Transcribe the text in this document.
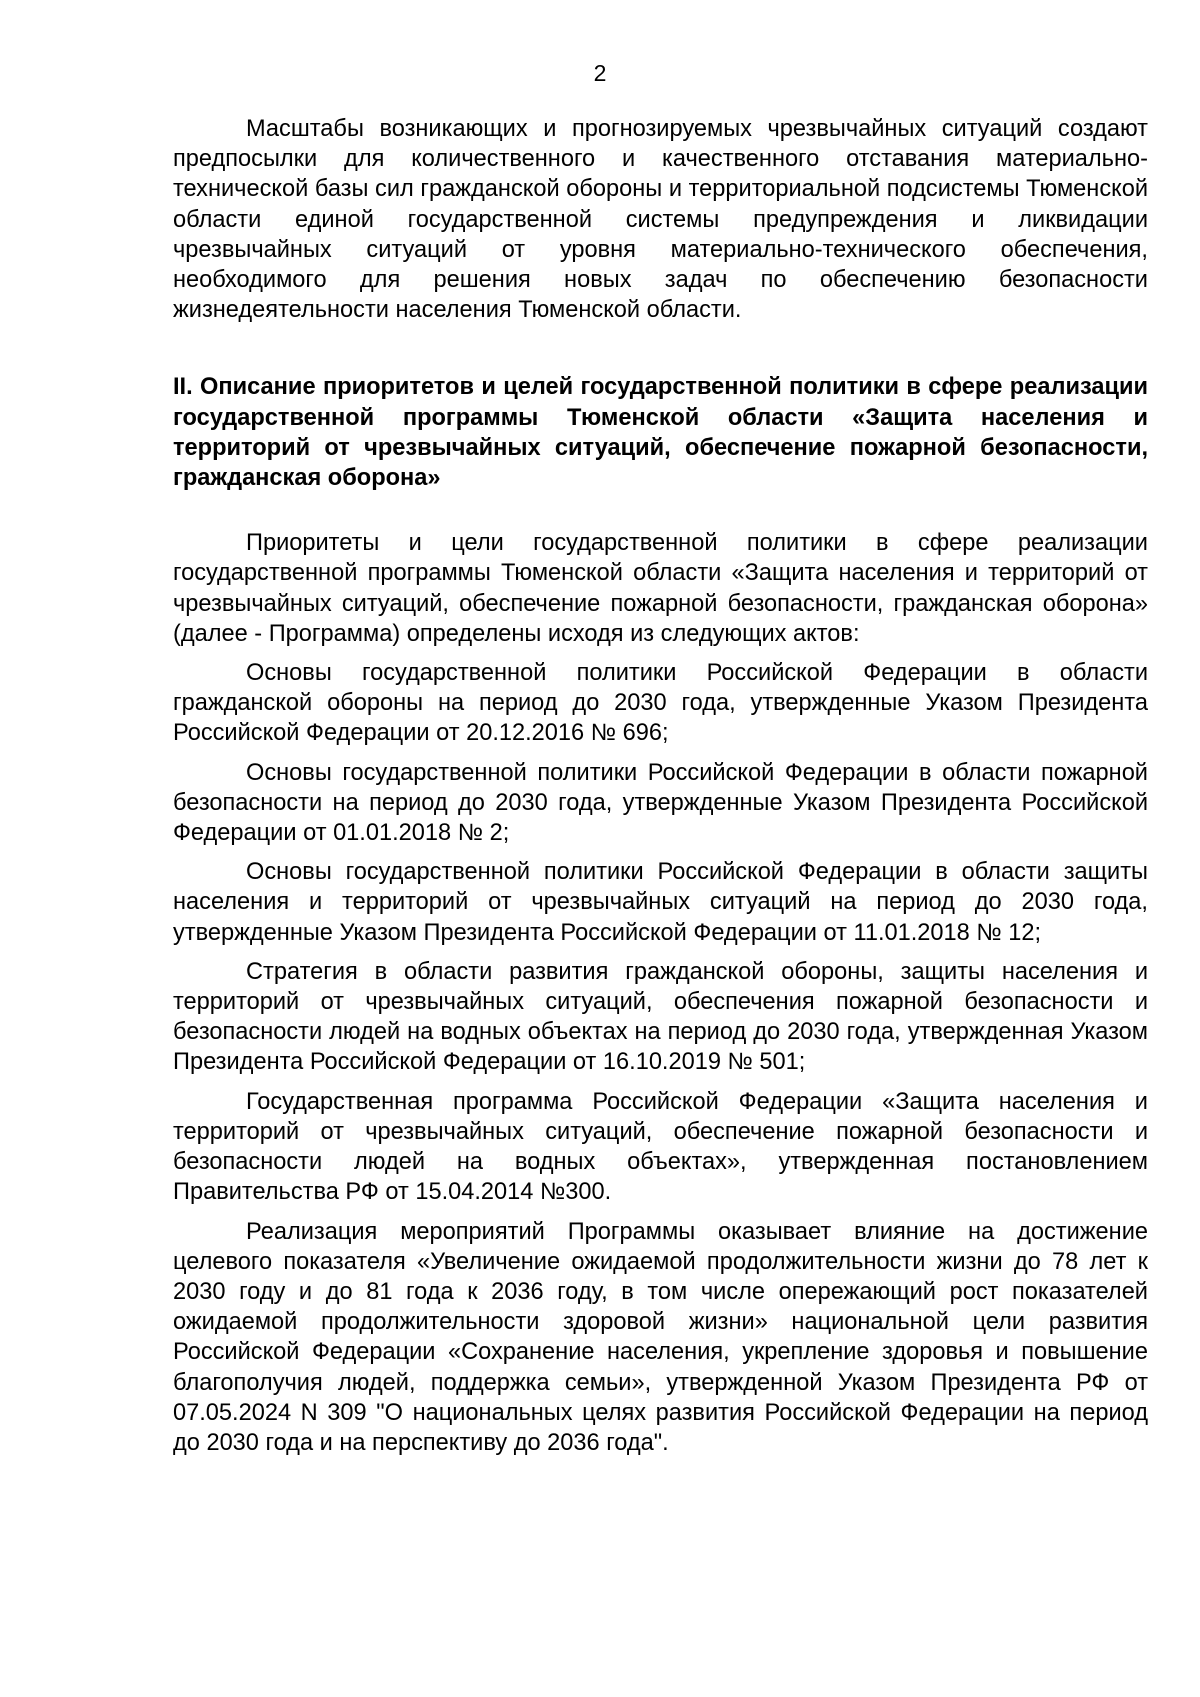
2

Масштабы возникающих и прогнозируемых чрезвычайных ситуаций создают предпосылки для количественного и качественного отставания материально-технической базы сил гражданской обороны и территориальной подсистемы Тюменской области единой государственной системы предупреждения и ликвидации чрезвычайных ситуаций от уровня материально-технического обеспечения, необходимого для решения новых задач по обеспечению безопасности жизнедеятельности населения Тюменской области.

II. Описание приоритетов и целей государственной политики в сфере реализации государственной программы Тюменской области «Защита населения и территорий от чрезвычайных ситуаций, обеспечение пожарной безопасности, гражданская оборона»

Приоритеты и цели государственной политики в сфере реализации государственной программы Тюменской области «Защита населения и территорий от чрезвычайных ситуаций, обеспечение пожарной безопасности, гражданская оборона» (далее - Программа) определены исходя из следующих актов:

Основы государственной политики Российской Федерации в области гражданской обороны на период до 2030 года, утвержденные Указом Президента Российской Федерации от 20.12.2016 № 696;

Основы государственной политики Российской Федерации в области пожарной безопасности на период до 2030 года, утвержденные Указом Президента Российской Федерации от 01.01.2018 № 2;

Основы государственной политики Российской Федерации в области защиты населения и территорий от чрезвычайных ситуаций на период до 2030 года, утвержденные Указом Президента Российской Федерации от 11.01.2018 № 12;

Стратегия в области развития гражданской обороны, защиты населения и территорий от чрезвычайных ситуаций, обеспечения пожарной безопасности и безопасности людей на водных объектах на период до 2030 года, утвержденная Указом Президента Российской Федерации от 16.10.2019 № 501;

Государственная программа Российской Федерации «Защита населения и территорий от чрезвычайных ситуаций, обеспечение пожарной безопасности и безопасности людей на водных объектах», утвержденная постановлением Правительства РФ от 15.04.2014 №300.

Реализация мероприятий Программы оказывает влияние на достижение целевого показателя «Увеличение ожидаемой продолжительности жизни до 78 лет к 2030 году и до 81 года к 2036 году, в том числе опережающий рост показателей ожидаемой продолжительности здоровой жизни» национальной цели развития Российской Федерации «Сохранение населения, укрепление здоровья и повышение благополучия людей, поддержка семьи», утвержденной Указом Президента РФ от 07.05.2024 N 309 "О национальных целях развития Российской Федерации на период до 2030 года и на перспективу до 2036 года".
